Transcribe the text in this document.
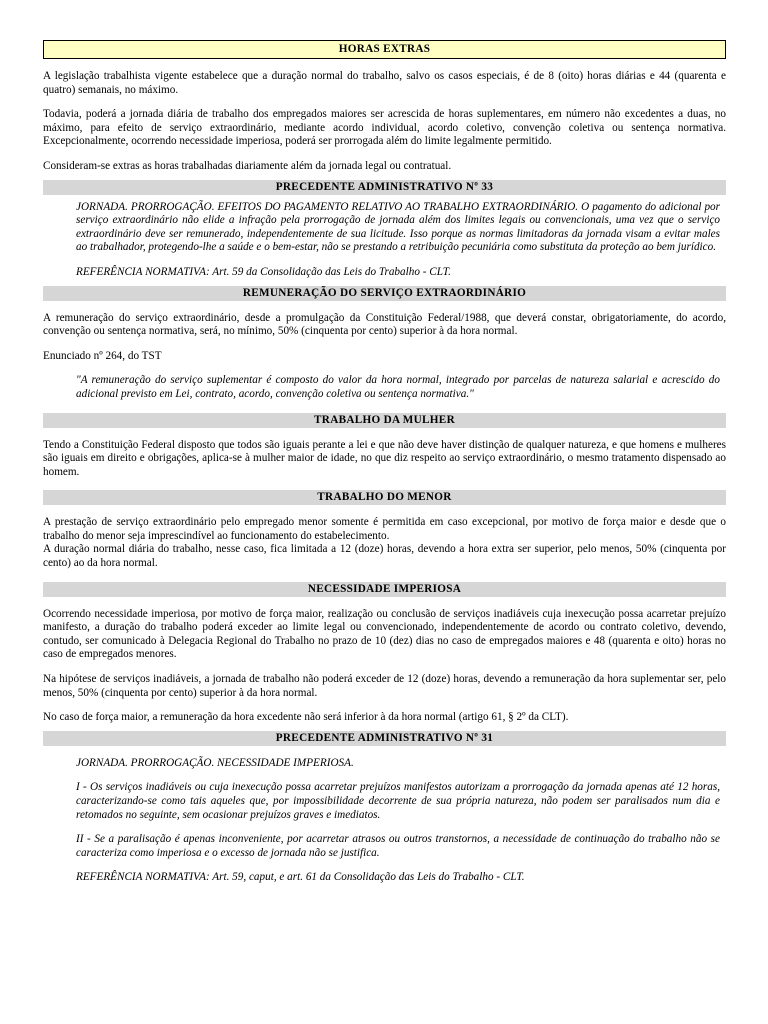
HORAS EXTRAS

A legislação trabalhista vigente estabelece que a duração normal do trabalho, salvo os casos especiais, é de 8 (oito) horas diárias e 44 (quarenta e quatro) semanais, no máximo.

Todavia, poderá a jornada diária de trabalho dos empregados maiores ser acrescida de horas suplementares, em número não excedentes a duas, no máximo, para efeito de serviço extraordinário, mediante acordo individual, acordo coletivo, convenção coletiva ou sentença normativa. Excepcionalmente, ocorrendo necessidade imperiosa, poderá ser prorrogada além do limite legalmente permitido.

Consideram-se extras as horas trabalhadas diariamente além da jornada legal ou contratual.

PRECEDENTE ADMINISTRATIVO Nº 33

JORNADA. PRORROGAÇÃO. EFEITOS DO PAGAMENTO RELATIVO AO TRABALHO EXTRAORDINÁRIO. O pagamento do adicional por serviço extraordinário não elide a infração pela prorrogação de jornada além dos limites legais ou convencionais, uma vez que o serviço extraordinário deve ser remunerado, independentemente de sua licitude. Isso porque as normas limitadoras da jornada visam a evitar males ao trabalhador, protegendo-lhe a saúde e o bem-estar, não se prestando a retribuição pecuniária como substituta da proteção ao bem jurídico.

REFERÊNCIA NORMATIVA: Art. 59 da Consolidação das Leis do Trabalho - CLT.

REMUNERAÇÃO DO SERVIÇO EXTRAORDINÁRIO

A remuneração do serviço extraordinário, desde a promulgação da Constituição Federal/1988, que deverá constar, obrigatoriamente, do acordo, convenção ou sentença normativa, será, no mínimo, 50% (cinquenta por cento) superior à da hora normal.

Enunciado nº 264, do TST

"A remuneração do serviço suplementar é composto do valor da hora normal, integrado por parcelas de natureza salarial e acrescido do adicional previsto em Lei, contrato, acordo, convenção coletiva ou sentença normativa."

TRABALHO DA MULHER

Tendo a Constituição Federal disposto que todos são iguais perante a lei e que não deve haver distinção de qualquer natureza, e que homens e mulheres são iguais em direito e obrigações, aplica-se à mulher maior de idade, no que diz respeito ao serviço extraordinário, o mesmo tratamento dispensado ao homem.

TRABALHO DO MENOR

A prestação de serviço extraordinário pelo empregado menor somente é permitida em caso excepcional, por motivo de força maior e desde que o trabalho do menor seja imprescindível ao funcionamento do estabelecimento.

A duração normal diária do trabalho, nesse caso, fica limitada a 12 (doze) horas, devendo a hora extra ser superior, pelo menos, 50% (cinquenta por cento) ao da hora normal.

NECESSIDADE IMPERIOSA

Ocorrendo necessidade imperiosa, por motivo de força maior, realização ou conclusão de serviços inadiáveis cuja inexecução possa acarretar prejuízo manifesto, a duração do trabalho poderá exceder ao limite legal ou convencionado, independentemente de acordo ou contrato coletivo, devendo, contudo, ser comunicado à Delegacia Regional do Trabalho no prazo de 10 (dez) dias no caso de empregados maiores e 48 (quarenta e oito) horas no caso de empregados menores.

Na hipótese de serviços inadiáveis, a jornada de trabalho não poderá exceder de 12 (doze) horas, devendo a remuneração da hora suplementar ser, pelo menos, 50% (cinquenta por cento) superior à da hora normal.

No caso de força maior, a remuneração da hora excedente não será inferior à da hora normal (artigo 61, § 2º da CLT).

PRECEDENTE ADMINISTRATIVO Nº 31

JORNADA. PRORROGAÇÃO. NECESSIDADE IMPERIOSA.

I - Os serviços inadiáveis ou cuja inexecução possa acarretar prejuízos manifestos autorizam a prorrogação da jornada apenas até 12 horas, caracterizando-se como tais aqueles que, por impossibilidade decorrente de sua própria natureza, não podem ser paralisados num dia e retomados no seguinte, sem ocasionar prejuízos graves e imediatos.

II - Se a paralisação é apenas inconveniente, por acarretar atrasos ou outros transtornos, a necessidade de continuação do trabalho não se caracteriza como imperiosa e o excesso de jornada não se justifica.

REFERÊNCIA NORMATIVA: Art. 59, caput, e art. 61 da Consolidação das Leis do Trabalho - CLT.
